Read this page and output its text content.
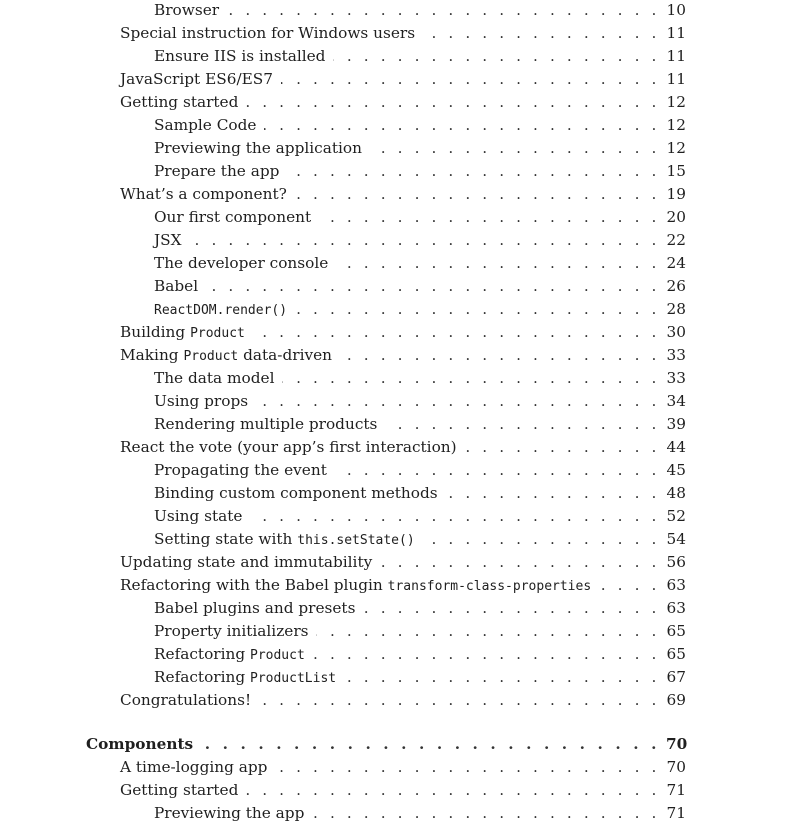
Browser . . .	10
Special instruction for Windows users . . .	11
Ensure IIS is installed . . .	11
JavaScript ES6/ES7 . . .	11
Getting started . . .	12
Sample Code . . .	12
Previewing the application . . .	12
Prepare the app . . .	15
What’s a component? . . .	19
Our first component . . .	20
JSX . . .	22
The developer console . . .	24
Babel . . .	26
ReactDOM.render() . . .	28
Building Product . . .	30
Making Product data-driven . . .	33
The data model . . .	33
Using props . . .	34
Rendering multiple products . . .	39
React the vote (your app’s first interaction) . . .	44
Propagating the event . . .	45
Binding custom component methods . . .	48
Using state . . .	52
Setting state with this.setState() . . .	54
Updating state and immutability . . .	56
Refactoring with the Babel plugin transform-class-properties . . .	63
Babel plugins and presets . . .	63
Property initializers . . .	65
Refactoring Product . . .	65
Refactoring ProductList . . .	67
Congratulations! . . .	69
Components . . .	70
A time-logging app . . .	70
Getting started . . .	71
Previewing the app . . .	71
